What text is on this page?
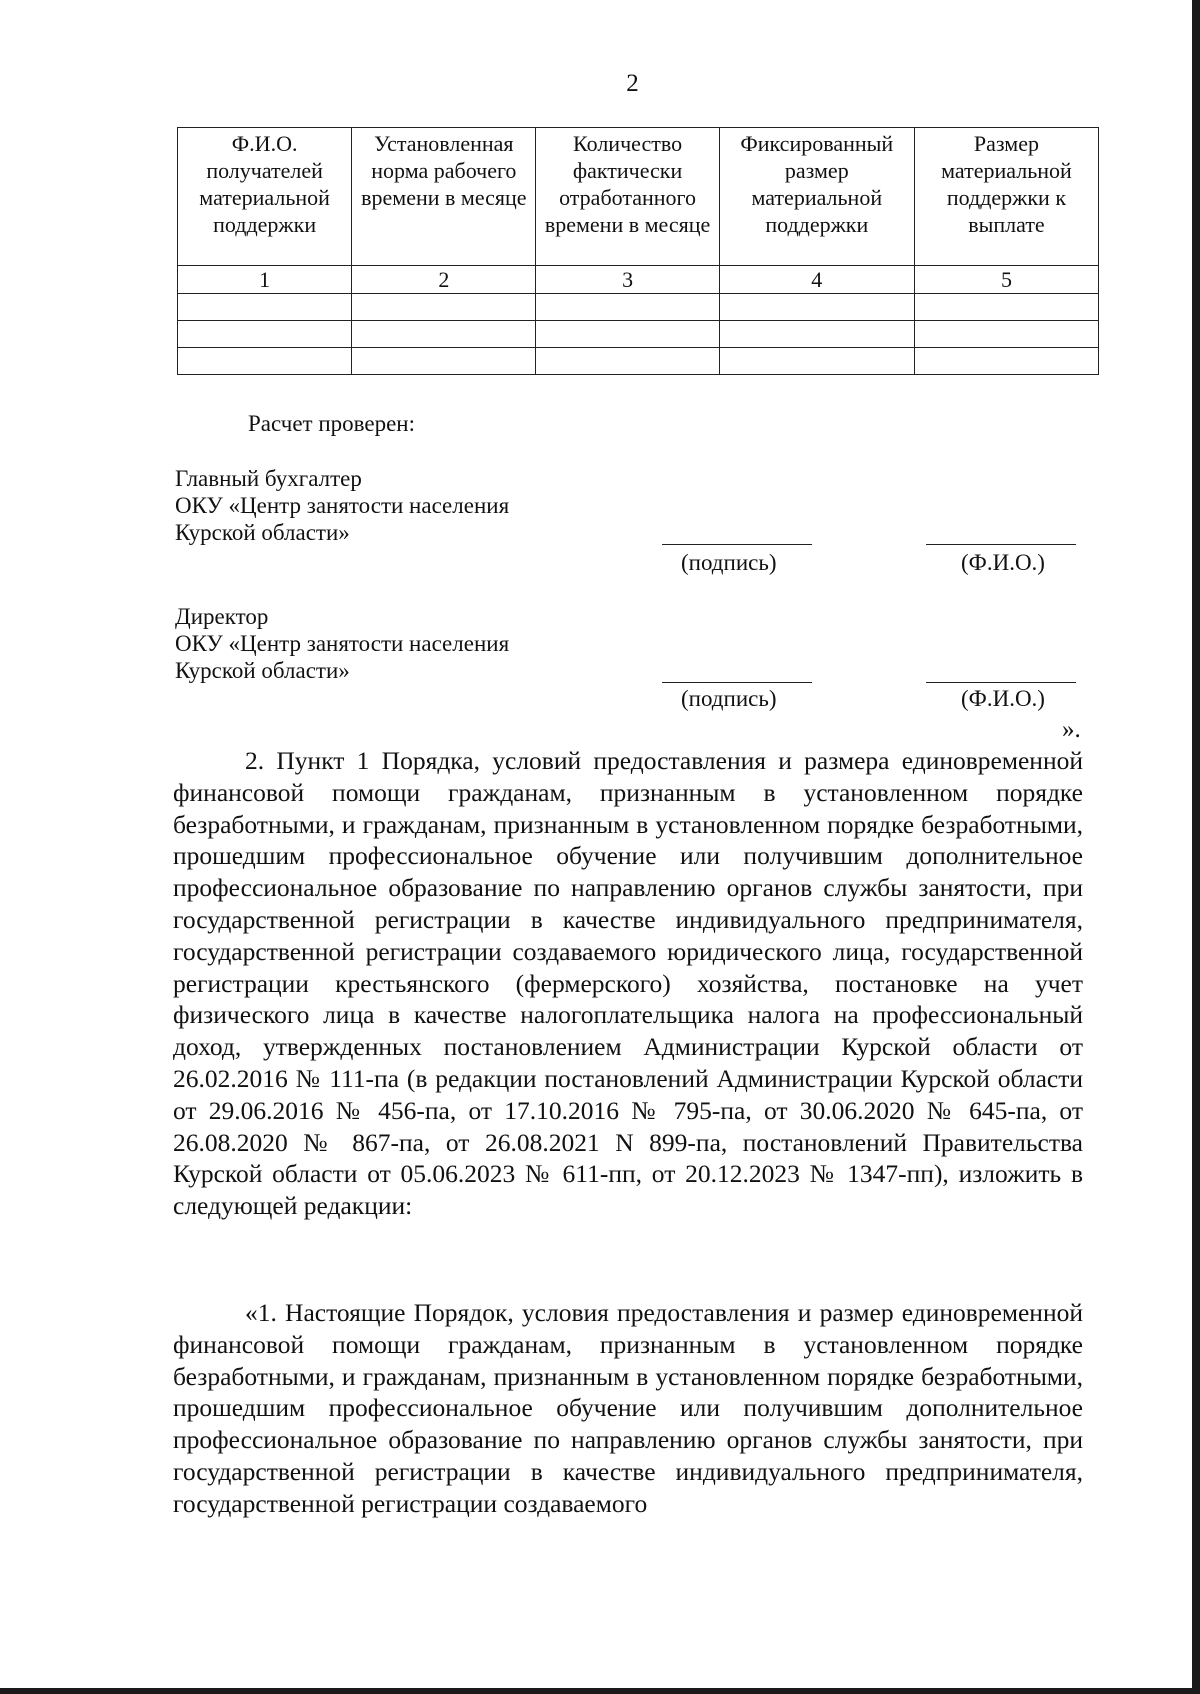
2
Ф.И.О. получателей материальной поддержки	Установленная норма рабочего времени в месяце	Количество фактически отработанного времени в месяце	Фиксированный размер материальной поддержки	Размер материальной поддержки к выплате
1	2	3	4	5

Расчет проверен:
Главный бухгалтер
ОКУ «Центр занятости населения
Курской области»
(подпись)	(Ф.И.О.)
Директор
ОКУ «Центр занятости населения
Курской области»
(подпись)	(Ф.И.О.)
».

2. Пункт 1 Порядка, условий предоставления и размера единовременной финансовой помощи гражданам, признанным в установленном порядке безработными, и гражданам, признанным в установленном порядке безработными, прошедшим профессиональное обучение или получившим дополнительное профессиональное образование по направлению органов службы занятости, при государственной регистрации в качестве индивидуального предпринимателя, государственной регистрации создаваемого юридического лица, государственной регистрации крестьянского (фермерского) хозяйства, постановке на учет физического лица в качестве налогоплательщика налога на профессиональный доход, утвержденных постановлением Администрации Курской области от 26.02.2016 № 111-па (в редакции постановлений Администрации Курской области от 29.06.2016 № 456-па, от 17.10.2016 № 795-па, от 30.06.2020 № 645-па, от 26.08.2020 № 867-па, от 26.08.2021 N 899-па, постановлений Правительства Курской области от 05.06.2023 № 611-пп, от 20.12.2023 № 1347-пп), изложить в следующей редакции:

«1. Настоящие Порядок, условия предоставления и размер единовременной финансовой помощи гражданам, признанным в установленном порядке безработными, и гражданам, признанным в установленном порядке безработными, прошедшим профессиональное обучение или получившим дополнительное профессиональное образование по направлению органов службы занятости, при государственной регистрации в качестве индивидуального предпринимателя, государственной регистрации создаваемого
